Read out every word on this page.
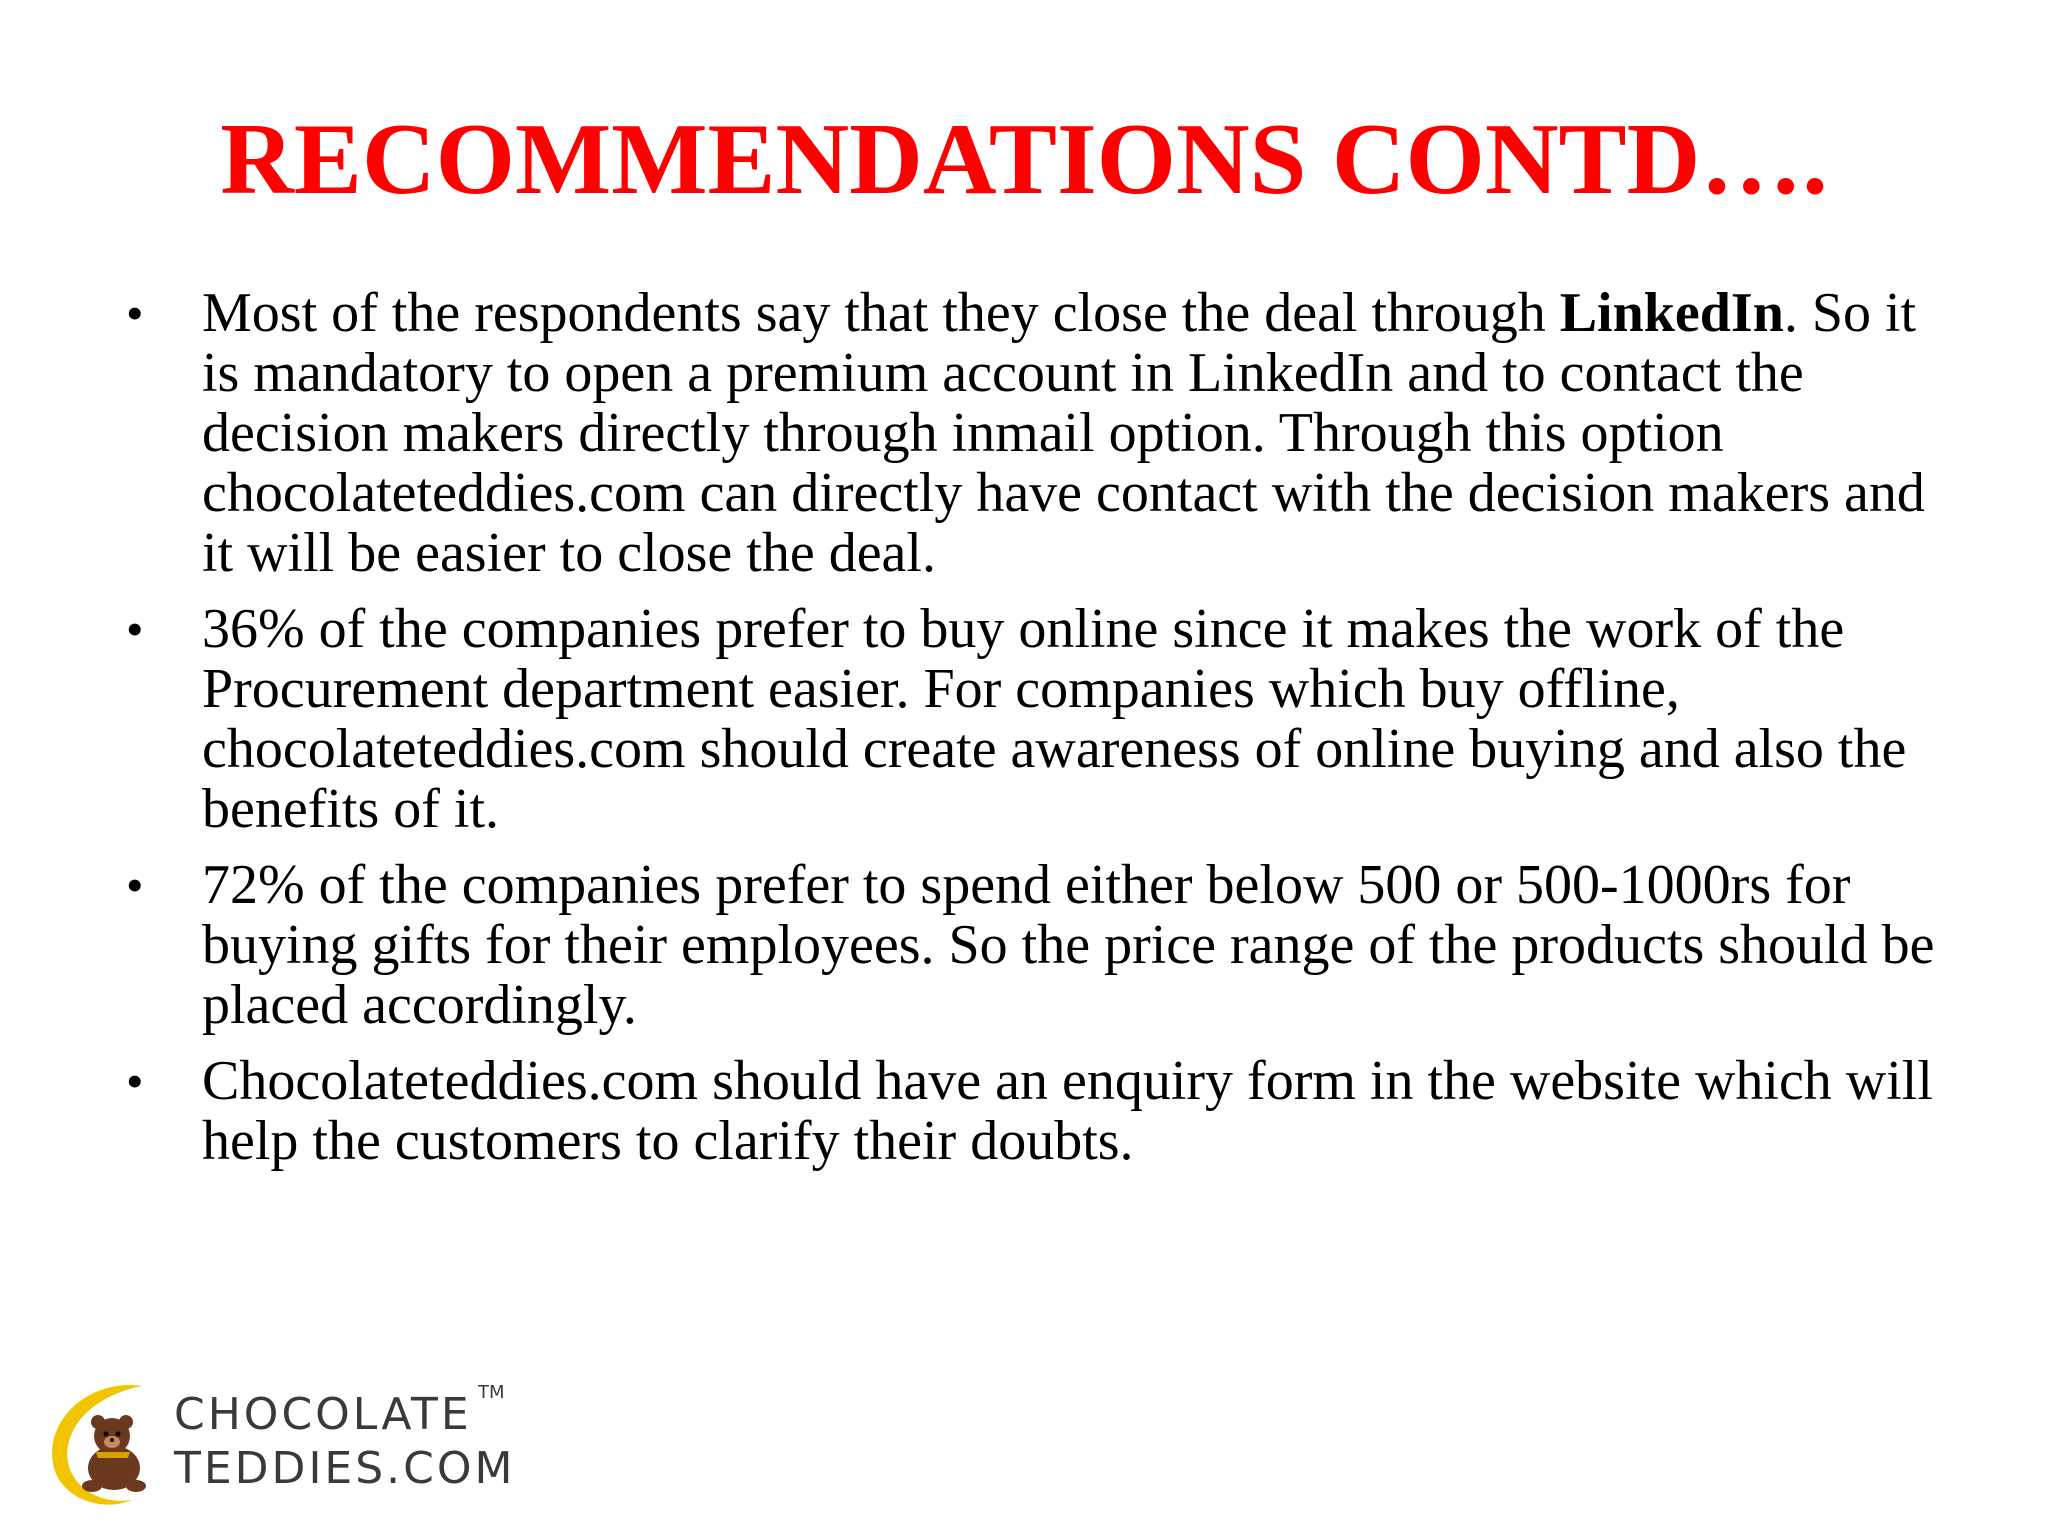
RECOMMENDATIONS CONTD….
• Most of the respondents say that they close the deal through LinkedIn. So it is mandatory to open a premium account in LinkedIn and to contact the decision makers directly through inmail option. Through this option chocolateteddies.com can directly have contact with the decision makers and it will be easier to close the deal.
• 36% of the companies prefer to buy online since it makes the work of the Procurement department easier. For companies which buy offline, chocolateteddies.com should create awareness of online buying and also the benefits of it.
• 72% of the companies prefer to spend either below 500 or 500-1000rs for buying gifts for their employees. So the price range of the products should be placed accordingly.
• Chocolateteddies.com should have an enquiry form in the website which will help the customers to clarify their doubts.
CHOCOLATE TM
TEDDIES.COM
